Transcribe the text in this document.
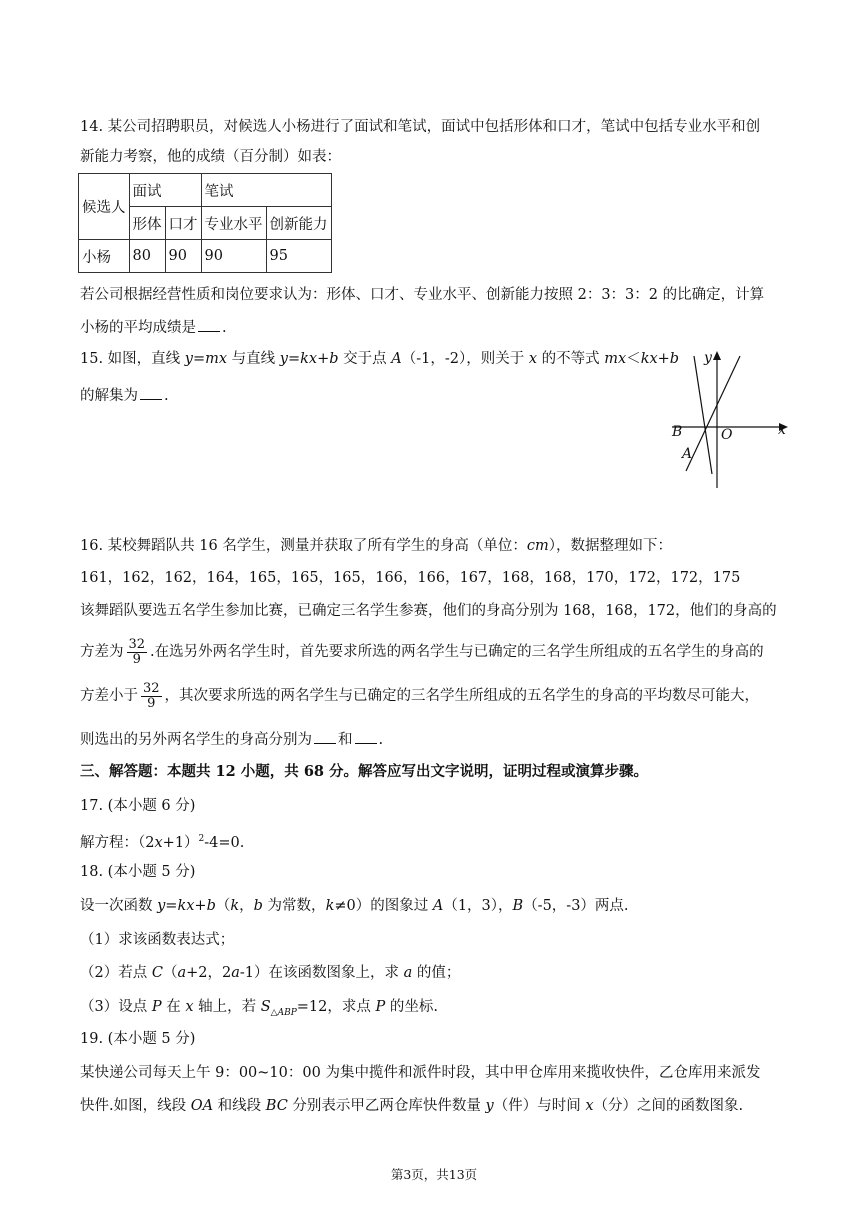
14. 某公司招聘职员，对候选人小杨进行了面试和笔试，面试中包括形体和口才，笔试中包括专业水平和创
新能力考察，他的成绩（百分制）如表：
候选人	面试		笔试	
	形体	口才	专业水平	创新能力
小杨	80	90	90	95
若公司根据经营性质和岗位要求认为：形体、口才、专业水平、创新能力按照 2：3：3：2 的比确定，计算
小杨的平均成绩是 .
15. 如图，直线 y=mx 与直线 y=kx+b 交于点 A（-1，-2），则关于 x 的不等式 mx＜kx+b
的解集为 .
y
x
O
B
A
16. 某校舞蹈队共 16 名学生，测量并获取了所有学生的身高（单位：cm），数据整理如下：
161，162，162，164，165，165，165，166，166，167，168，168，170，172，172，175
该舞蹈队要选五名学生参加比赛，已确定三名学生参赛，他们的身高分别为 168，168，172，他们的身高的
方差为 $\frac{32}{9}$ .在选另外两名学生时，首先要求所选的两名学生与已确定的三名学生所组成的五名学生的身高的
方差小于 $\frac{32}{9}$ ，其次要求所选的两名学生与已确定的三名学生所组成的五名学生的身高的平均数尽可能大，
则选出的另外两名学生的身高分别为 和 .
三、解答题：本题共 12 小题，共 68 分。解答应写出文字说明，证明过程或演算步骤。
17. (本小题 6 分)
解方程：$(2x+1)^2-4=0$.
18. (本小题 5 分)
设一次函数 y=kx+b（k，b 为常数，k≠0）的图象过 A（1，3），B（-5，-3）两点.
（1）求该函数表达式；
（2）若点 C（a+2，2a-1）在该函数图象上，求 a 的值；
（3）设点 P 在 x 轴上，若 $S_{\triangle ABP}=12$，求点 P 的坐标.
19. (本小题 5 分)
某快递公司每天上午 9：00~10：00 为集中揽件和派件时段，其中甲仓库用来揽收快件，乙仓库用来派发
快件.如图，线段 OA 和线段 BC 分别表示甲乙两仓库快件数量 y（件）与时间 x（分）之间的函数图象.
第3页，共13页
